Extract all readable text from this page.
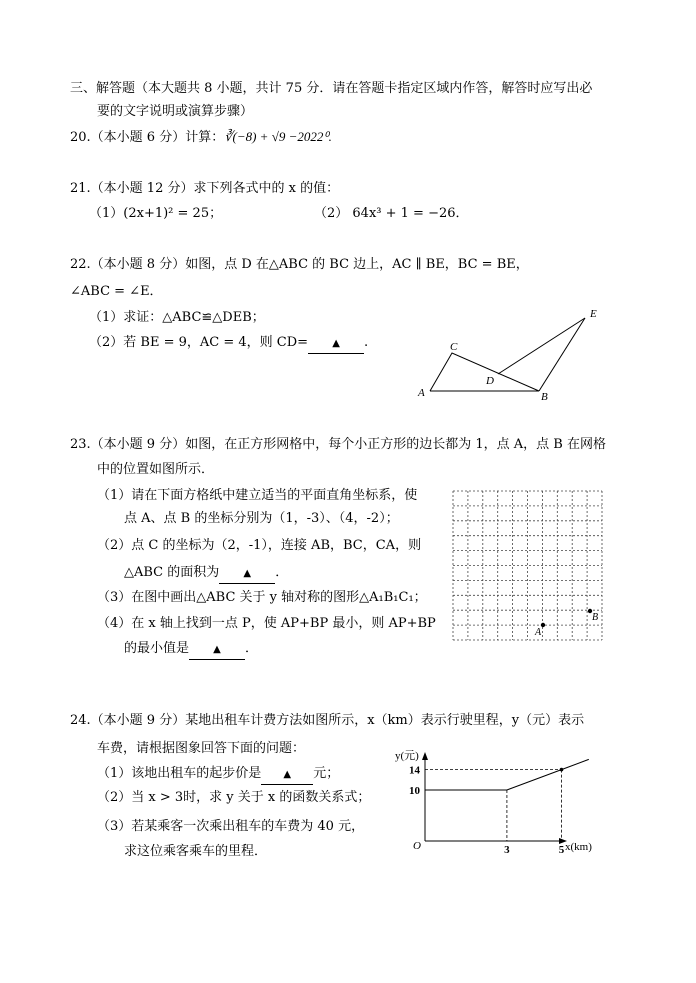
三、解答题（本大题共 8 小题，共计 75 分．请在答题卡指定区域内作答，解答时应写出必
要的文字说明或演算步骤）
20.（本小题 6 分）计算：∛(−8) + √9 −2022⁰.
21.（本小题 12 分）求下列各式中的 x 的值：
（1）(2x+1)² = 25；	（2） 64x³ + 1 = −26．
22.（本小题 8 分）如图，点 D 在△ABC 的 BC 边上，AC ∥ BE，BC = BE，
∠ABC = ∠E．
（1）求证：△ABC≌△DEB；
（2）若 BE = 9，AC = 4，则 CD= ▲ .
A	B
C
D
E
23.（本小题 9 分）如图，在正方形网格中，每个小正方形的边长都为 1，点 A，点 B 在网格
中的位置如图所示．
（1）请在下面方格纸中建立适当的平面直角坐标系，使
点 A、点 B 的坐标分别为（1，-3）、（4，-2）；
（2）点 C 的坐标为（2，-1），连接 AB，BC，CA，则
△ABC 的面积为 ▲ ．
（3）在图中画出△ABC 关于 y 轴对称的图形△A₁B₁C₁；
（4）在 x 轴上找到一点 P，使 AP+BP 最小，则 AP+BP
的最小值是 ▲ ．
B
A
24.（本小题 9 分）某地出租车计费方法如图所示，x（km）表示行驶里程，y（元）表示
车费，请根据图象回答下面的问题：
（1）该地出租车的起步价是 ▲ 元；
（2）当 x > 3时，求 y 关于 x 的函数关系式；
（3）若某乘客一次乘出租车的车费为 40 元，
求这位乘客乘车的里程．
y(元)
x(km)
O	3	5
10
14
